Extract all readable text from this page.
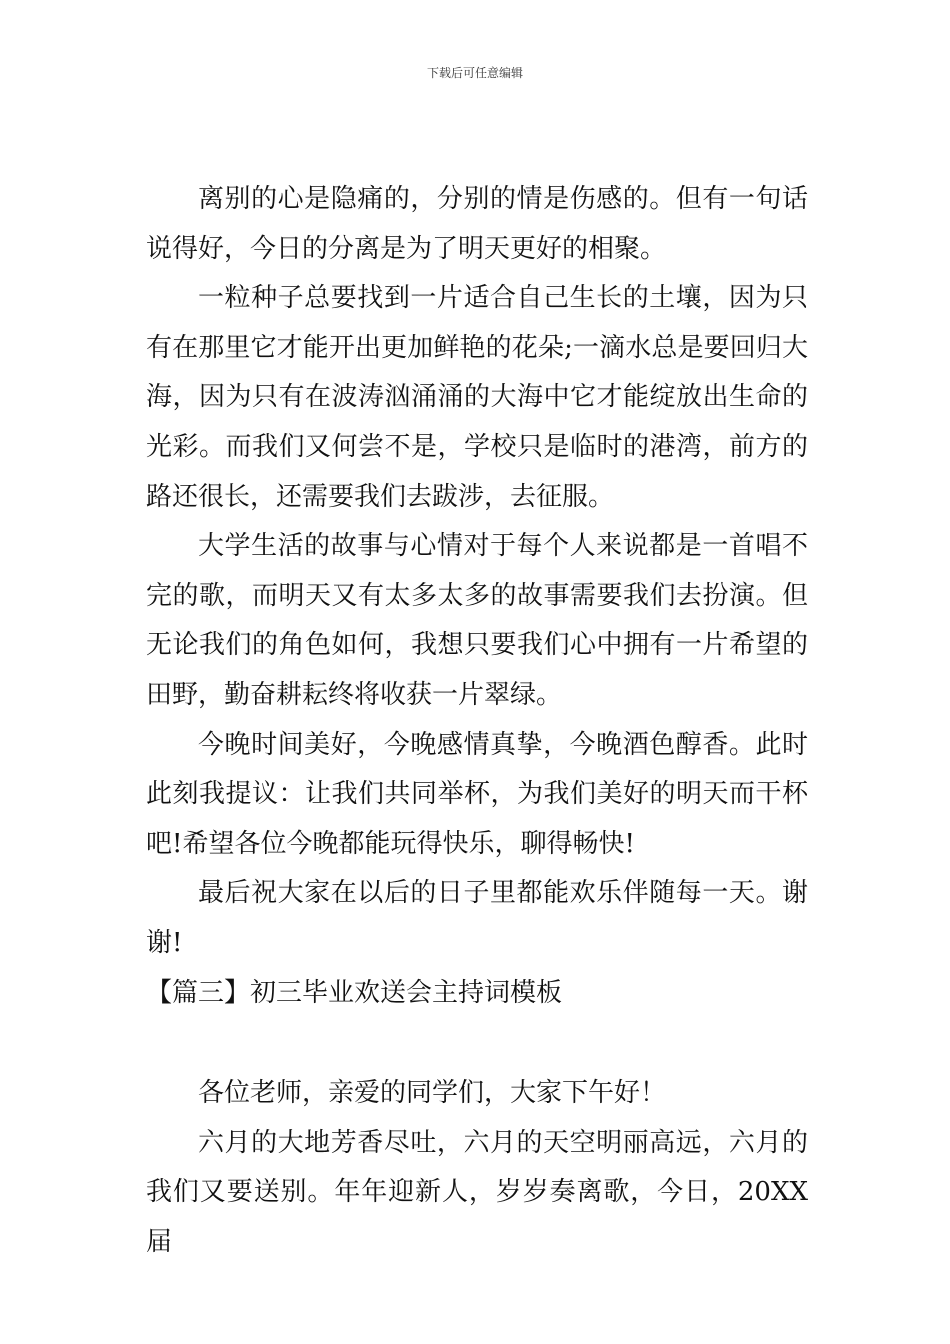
下载后可任意编辑

离别的心是隐痛的，分别的情是伤感的。但有一句话说得好，今日的分离是为了明天更好的相聚。

一粒种子总要找到一片适合自己生长的土壤，因为只有在那里它才能开出更加鲜艳的花朵;一滴水总是要回归大海，因为只有在波涛汹涌涌的大海中它才能绽放出生命的光彩。而我们又何尝不是，学校只是临时的港湾，前方的路还很长，还需要我们去跋涉，去征服。

大学生活的故事与心情对于每个人来说都是一首唱不完的歌，而明天又有太多太多的故事需要我们去扮演。但无论我们的角色如何，我想只要我们心中拥有一片希望的田野，勤奋耕耘终将收获一片翠绿。

今晚时间美好，今晚感情真挚，今晚酒色醇香。此时此刻我提议：让我们共同举杯，为我们美好的明天而干杯吧!希望各位今晚都能玩得快乐，聊得畅快!

最后祝大家在以后的日子里都能欢乐伴随每一天。谢谢!

【篇三】初三毕业欢送会主持词模板

各位老师，亲爱的同学们，大家下午好！

六月的大地芳香尽吐，六月的天空明丽高远，六月的我们又要送别。年年迎新人，岁岁奏离歌，今日，20XX届
